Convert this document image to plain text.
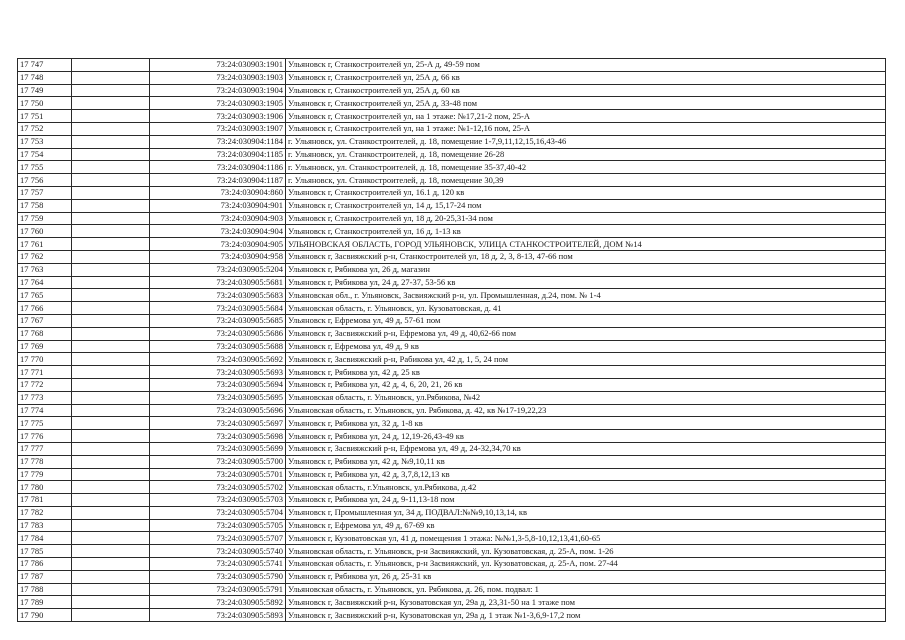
17 747		73:24:030903:1901	Ульяновск г, Станкостроителей ул, 25-А д, 49-59 пом
17 748		73:24:030903:1903	Ульяновск г, Станкостроителей ул, 25А д, 66 кв
17 749		73:24:030903:1904	Ульяновск г, Станкостроителей ул, 25А д, 60 кв
17 750		73:24:030903:1905	Ульяновск г, Станкостроителей ул, 25А д, 33-48 пом
17 751		73:24:030903:1906	Ульяновск г, Станкостроителей ул, на 1 этаже: №17,21-2 пом, 25-А
17 752		73:24:030903:1907	Ульяновск г, Станкостроителей ул, на 1 этаже: №1-12,16 пом, 25-А
17 753		73:24:030904:1184	г. Ульяновск, ул. Станкостроителей, д. 18, помещение 1-7,9,11,12,15,16,43-46
17 754		73:24:030904:1185	г. Ульяновск, ул. Станкостроителей, д. 18, помещение 26-28
17 755		73:24:030904:1186	г. Ульяновск, ул. Станкостроителей, д. 18, помещение 35-37,40-42
17 756		73:24:030904:1187	г. Ульяновск, ул. Станкостроителей, д. 18, помещение 30,39
17 757		73:24:030904:860	Ульяновск г, Станкостроителей ул, 16.1 д, 120 кв
17 758		73:24:030904:901	Ульяновск г, Станкостроителей ул, 14 д, 15,17-24 пом
17 759		73:24:030904:903	Ульяновск г, Станкостроителей ул, 18 д, 20-25,31-34 пом
17 760		73:24:030904:904	Ульяновск г, Станкостроителей ул, 16 д, 1-13 кв
17 761		73:24:030904:905	УЛЬЯНОВСКАЯ ОБЛАСТЬ, ГОРОД УЛЬЯНОВСК, УЛИЦА СТАНКОСТРОИТЕЛЕЙ, ДОМ №14
17 762		73:24:030904:958	Ульяновск г, Засвияжский р-н, Станкостроителей ул, 18 д, 2, 3, 8-13, 47-66 пом
17 763		73:24:030905:5204	Ульяновск г, Рябикова ул, 26 д, магазин
17 764		73:24:030905:5681	Ульяновск г, Рябикова ул, 24 д, 27-37, 53-56 кв
17 765		73:24:030905:5683	Ульяновская обл., г. Ульяновск, Засвияжский р-н, ул. Промышленная, д.24, пом. № 1-4
17 766		73:24:030905:5684	Ульяновская область, г. Ульяновск, ул. Кузоватовская, д. 41
17 767		73:24:030905:5685	Ульяновск г, Ефремова ул, 49 д, 57-61 пом
17 768		73:24:030905:5686	Ульяновск г, Засвияжский р-н, Ефремова ул, 49 д, 40,62-66 пом
17 769		73:24:030905:5688	Ульяновск г, Ефремова ул, 49 д, 9 кв
17 770		73:24:030905:5692	Ульяновск г, Засвияжский р-н, Рабикова ул, 42 д, 1, 5, 24 пом
17 771		73:24:030905:5693	Ульяновск г, Рябикова ул, 42 д, 25 кв
17 772		73:24:030905:5694	Ульяновск г, Рябикова ул, 42 д, 4, 6, 20, 21, 26 кв
17 773		73:24:030905:5695	Ульяновская область, г. Ульяновск, ул.Рябикова, №42
17 774		73:24:030905:5696	Ульяновская область, г. Ульяновск, ул. Рябикова, д. 42, кв №17-19,22,23
17 775		73:24:030905:5697	Ульяновск г, Рябикова ул, 32 д, 1-8 кв
17 776		73:24:030905:5698	Ульяновск г, Рябикова ул, 24 д, 12,19-26,43-49 кв
17 777		73:24:030905:5699	Ульяновск г, Засвияжский р-н, Ефремова ул, 49 д, 24-32,34,70 кв
17 778		73:24:030905:5700	Ульяновск г, Рябикова ул, 42 д, №9,10,11 кв
17 779		73:24:030905:5701	Ульяновск г, Рябикова ул, 42 д, 3,7,8,12,13 кв
17 780		73:24:030905:5702	Ульяновская область, г.Ульяновск, ул.Рябикова, д.42
17 781		73:24:030905:5703	Ульяновск г, Рябикова ул, 24 д, 9-11,13-18 пом
17 782		73:24:030905:5704	Ульяновск г, Промышленная ул, 34 д, ПОДВАЛ:№№9,10,13,14, кв
17 783		73:24:030905:5705	Ульяновск г, Ефремова ул, 49 д, 67-69 кв
17 784		73:24:030905:5707	Ульяновск г, Кузоватовская ул, 41 д, помещения 1 этажа: №№1,3-5,8-10,12,13,41,60-65
17 785		73:24:030905:5740	Ульяновская область, г. Ульяновск, р-н Засвияжский, ул. Кузоватовская, д. 25-А, пом. 1-26
17 786		73:24:030905:5741	Ульяновская область, г. Ульяновск, р-н Засвияжский, ул. Кузоватовская, д. 25-А, пом. 27-44
17 787		73:24:030905:5790	Ульяновск г, Рябикова ул, 26 д, 25-31 кв
17 788		73:24:030905:5791	Ульяновская область, г. Ульяновск, ул. Рябикова, д. 26, пом. подвал: 1
17 789		73:24:030905:5892	Ульяновск г, Засвияжский р-н, Кузоватовская ул, 29а д, 23,31-50 на 1 этаже пом
17 790		73:24:030905:5893	Ульяновск г, Засвияжский р-н, Кузоватовская ул, 29а д, 1 этаж №1-3,6,9-17,2 пом
